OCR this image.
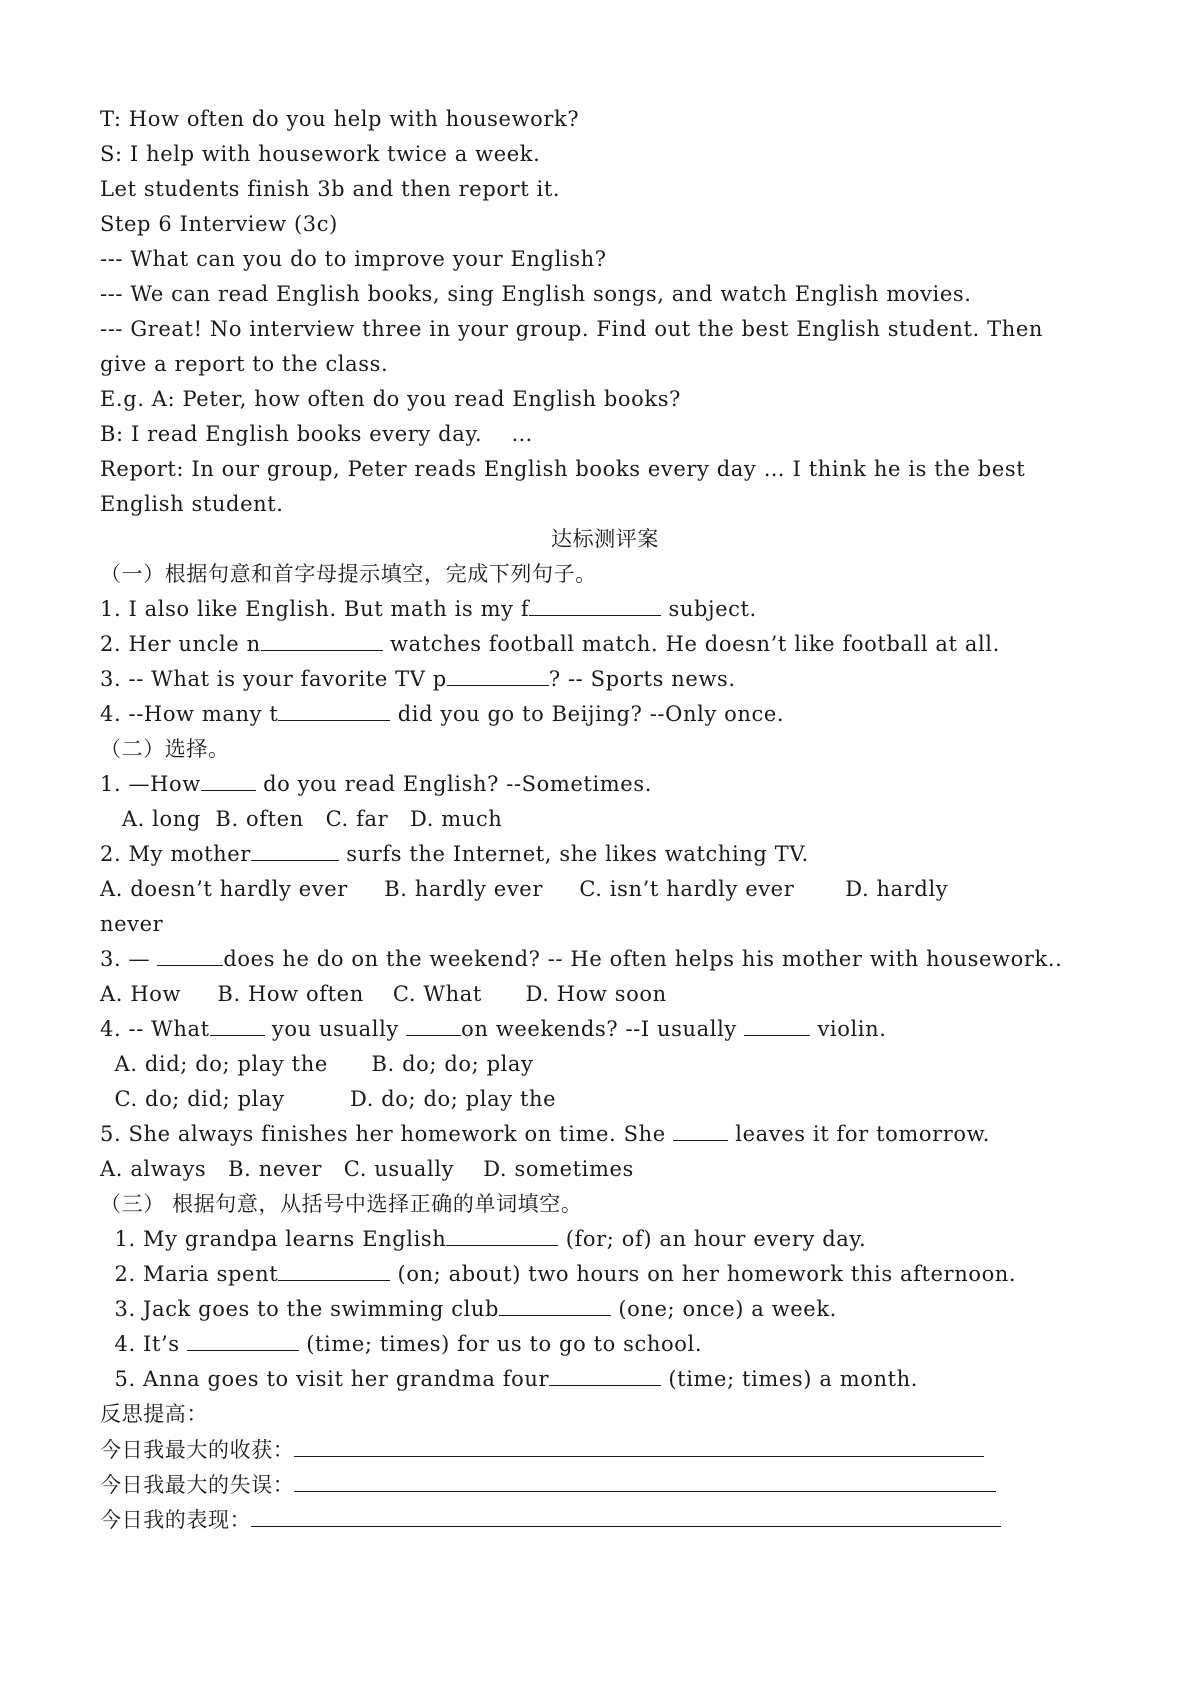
T: How often do you help with housework?
S: I help with housework twice a week.
Let students finish 3b and then report it.
Step 6 Interview (3c)
--- What can you do to improve your English?
--- We can read English books, sing English songs, and watch English movies.
--- Great! No interview three in your group. Find out the best English student. Then
give a report to the class.
E.g. A: Peter, how often do you read English books?
B: I read English books every day.    …
Report: In our group, Peter reads English books every day … I think he is the best
English student.
达标测评案
（一）根据句意和首字母提示填空，完成下列句子。
1. I also like English. But math is my f	subject.
2. Her uncle n	watches football match. He doesn’t like football at all.
3. -- What is your favorite TV p	? -- Sports news.
4. --How many t	did you go to Beijing? --Only once.
（二）选择。
1. —How	do you read English? --Sometimes.
A. long  B. often   C. far   D. much
2. My mother	surfs the Internet, she likes watching TV.
A. doesn’t hardly ever     B. hardly ever     C. isn’t hardly ever       D. hardly
never
3. —	does he do on the weekend? -- He often helps his mother with housework..
A. How     B. How often    C. What      D. How soon
4. -- What	you usually	on weekends? --I usually	violin.
A. did; do; play the      B. do; do; play
C. do; did; play         D. do; do; play the
5. She always finishes her homework on time. She	leaves it for tomorrow.
A. always   B. never   C. usually    D. sometimes
（三） 根据句意，从括号中选择正确的单词填空。
1. My grandpa learns English	(for; of) an hour every day.
2. Maria spent	(on; about) two hours on her homework this afternoon.
3. Jack goes to the swimming club	(one; once) a week.
4. It’s	(time; times) for us to go to school.
5. Anna goes to visit her grandma four	(time; times) a month.
反思提高：
今日我最大的收获：
今日我最大的失误：
今日我的表现：
